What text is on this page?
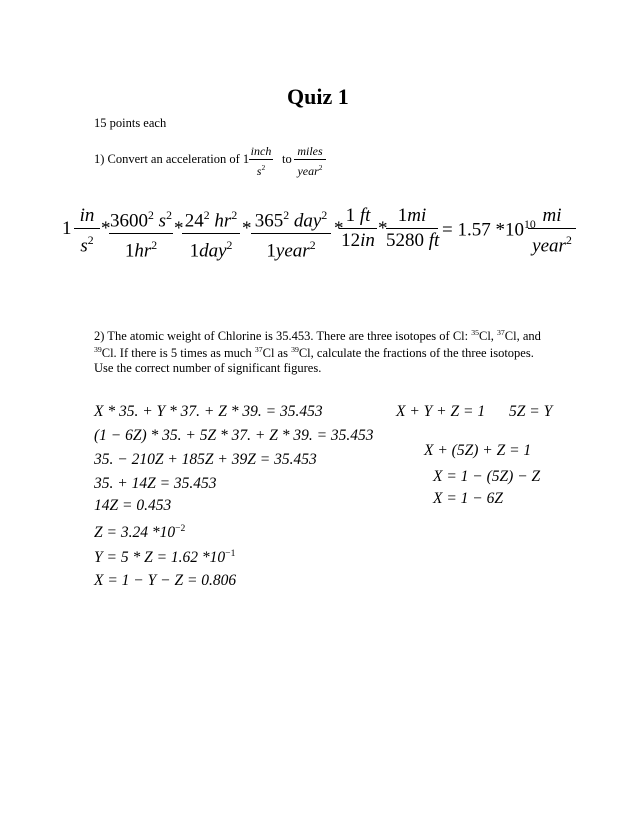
Quiz 1
15 points each
1) Convert an acceleration of 1
inch
$s^2$
to
miles
year$^2$
1
in
$s^2$
* 3600$^2$ $s^2$
$1hr^2$
* $24^2$ $hr^2$
1day$^2$
* $365^2$ day$^2$
1year$^2$
*
1 ft
12in
*
1mi
5280 ft
= 1.57 $*10^{10}$ mi
year$^2$
2) The atomic weight of Chlorine is 35.453. There are three isotopes of Cl: $^{35}$Cl, $^{37}$Cl, and
$^{39}$Cl. If there is 5 times as much $^{37}$Cl as $^{39}$Cl, calculate the fractions of the three isotopes.
Use the correct number of significant figures.
X * 35. + Y * 37. + Z * 39. = 35.453
(1 − 6Z) * 35. + 5Z * 37. + Z * 39. = 35.453
35. − 210Z + 185Z + 39Z = 35.453
35. + 14Z = 35.453
14Z = 0.453
Z = 3.24 $*10^{-2}$
Y = 5 * Z = 1.62 $*10^{-1}$
X = 1 − Y − Z = 0.806
X + Y + Z = 1 5Z = Y
X + (5Z) + Z = 1
X = 1 − (5Z) − Z
X = 1 − 6Z
